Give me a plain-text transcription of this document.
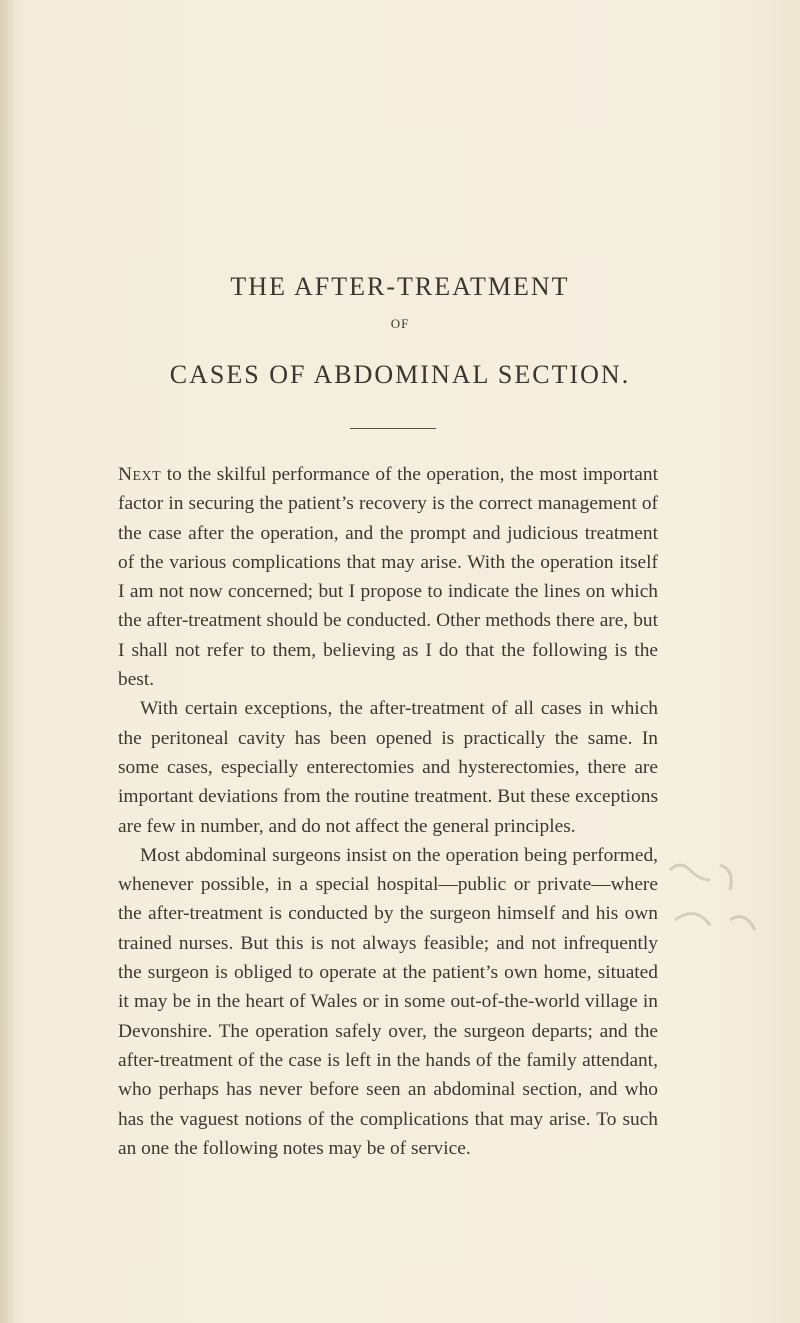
THE AFTER-TREATMENT
OF
CASES OF ABDOMINAL SECTION.

Next to the skilful performance of the operation, the most important factor in securing the patient’s recovery is the correct management of the case after the operation, and the prompt and judicious treatment of the various complications that may arise. With the operation itself I am not now concerned; but I propose to indicate the lines on which the after-treatment should be conducted. Other methods there are, but I shall not refer to them, believing as I do that the following is the best.

With certain exceptions, the after-treatment of all cases in which the peritoneal cavity has been opened is practically the same. In some cases, especially enterectomies and hysterectomies, there are important deviations from the routine treatment. But these exceptions are few in number, and do not affect the general principles.

Most abdominal surgeons insist on the operation being performed, whenever possible, in a special hospital—public or private—where the after-treatment is conducted by the surgeon himself and his own trained nurses. But this is not always feasible; and not infrequently the surgeon is obliged to operate at the patient’s own home, situated it may be in the heart of Wales or in some out-of-the-world village in Devonshire. The operation safely over, the surgeon departs; and the after-treatment of the case is left in the hands of the family attendant, who perhaps has never before seen an abdominal section, and who has the vaguest notions of the complications that may arise. To such an one the following notes may be of service.
